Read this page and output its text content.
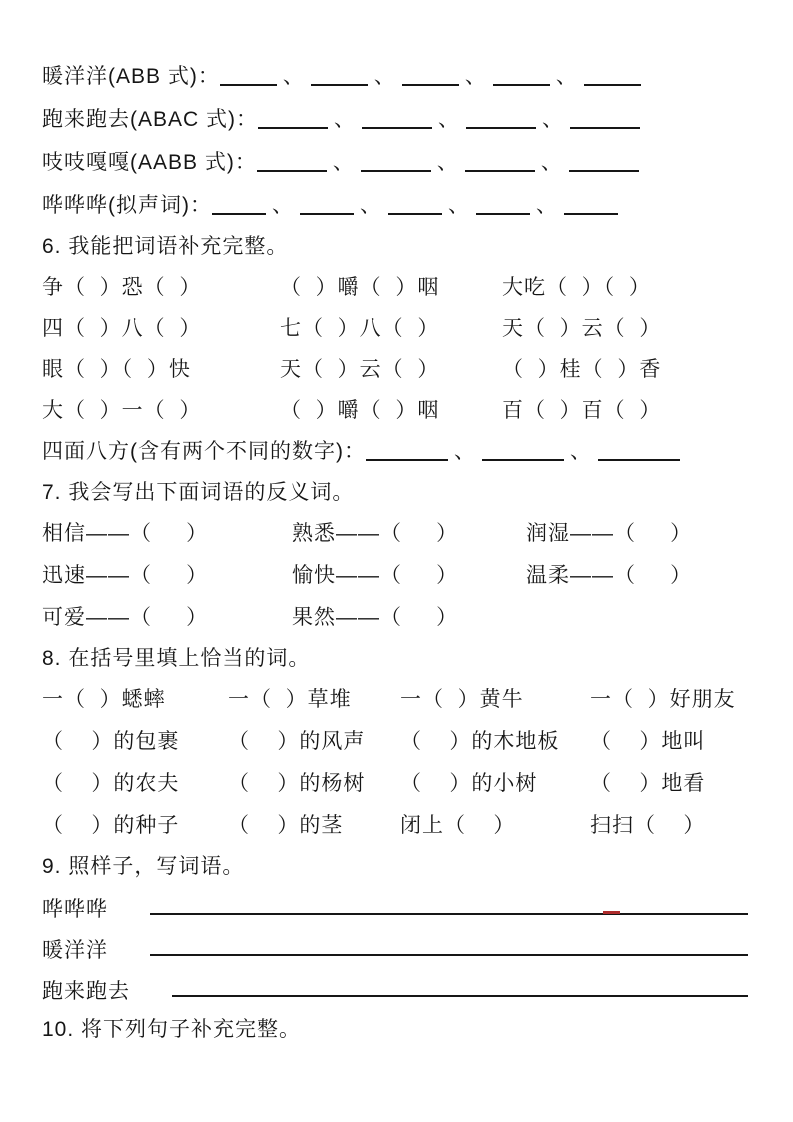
暖洋洋(ABB 式)：	、	、	、	、
跑来跑去(ABAC 式)：	、	、	、
吱吱嘎嘎(AABB 式)：	、	、	、
哗哗哗(拟声词)：	、	、	、	、
6. 我能把词语补充完整。
争（  ）恐（  ）	（  ）嚼（  ）咽	大吃（  ）（  ）
四（  ）八（  ）	七（  ）八（  ）	天（  ）云（  ）
眼（  ）（  ）快	天（  ）云（  ）	（  ）桂（  ）香
大（  ）一（  ）	（  ）嚼（  ）咽	百（  ）百（  ）
四面八方(含有两个不同的数字)：	、	、
7. 我会写出下面词语的反义词。
相信——（     ）	熟悉——（     ）	润湿——（     ）
迅速——（     ）	愉快——（     ）	温柔——（     ）
可爱——（     ）	果然——（     ）
8. 在括号里填上恰当的词。
一（  ）蟋蟀	一（  ）草堆	一（  ）黄牛	一（  ）好朋友
（    ）的包裹	（    ）的风声	（    ）的木地板	（    ）地叫
（    ）的农夫	（    ）的杨树	（    ）的小树	（    ）地看
（    ）的种子	（    ）的茎	闭上（    ）	扫扫（    ）
9. 照样子，写词语。
哗哗哗
暖洋洋
跑来跑去
10. 将下列句子补充完整。
